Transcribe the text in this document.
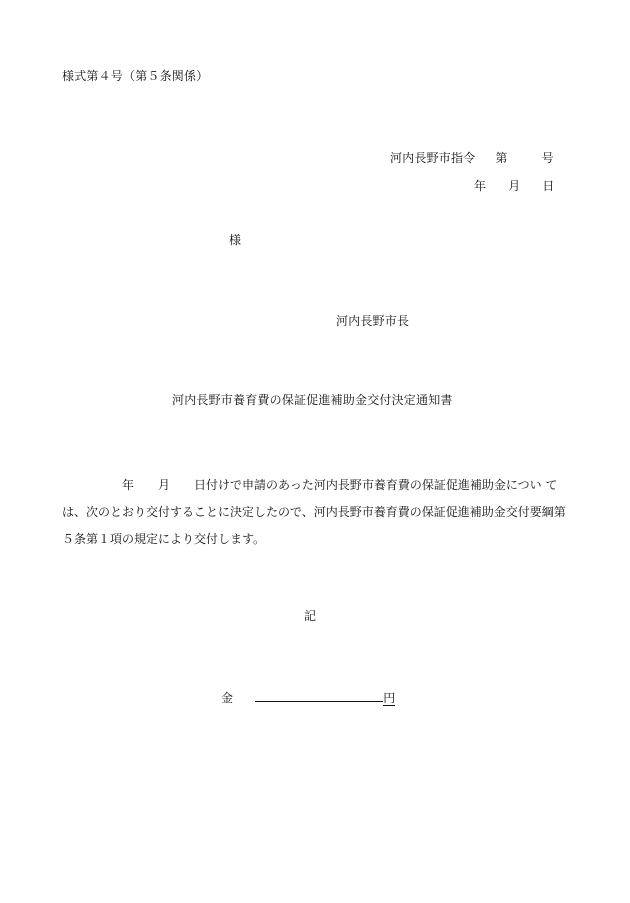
様式第４号（第５条関係）
河内長野市指令 第	号
年 月 日
様
河内長野市長
河内長野市養育費の保証促進補助金交付決定通知書
年 月 日付けで申請のあった河内長野市養育費の保証促進補助金につい て
は、次のとおり交付することに決定したので、河内長野市養育費の保証促進補助金交付要綱第
５条第１項の規定により交付します。
記
金	円
